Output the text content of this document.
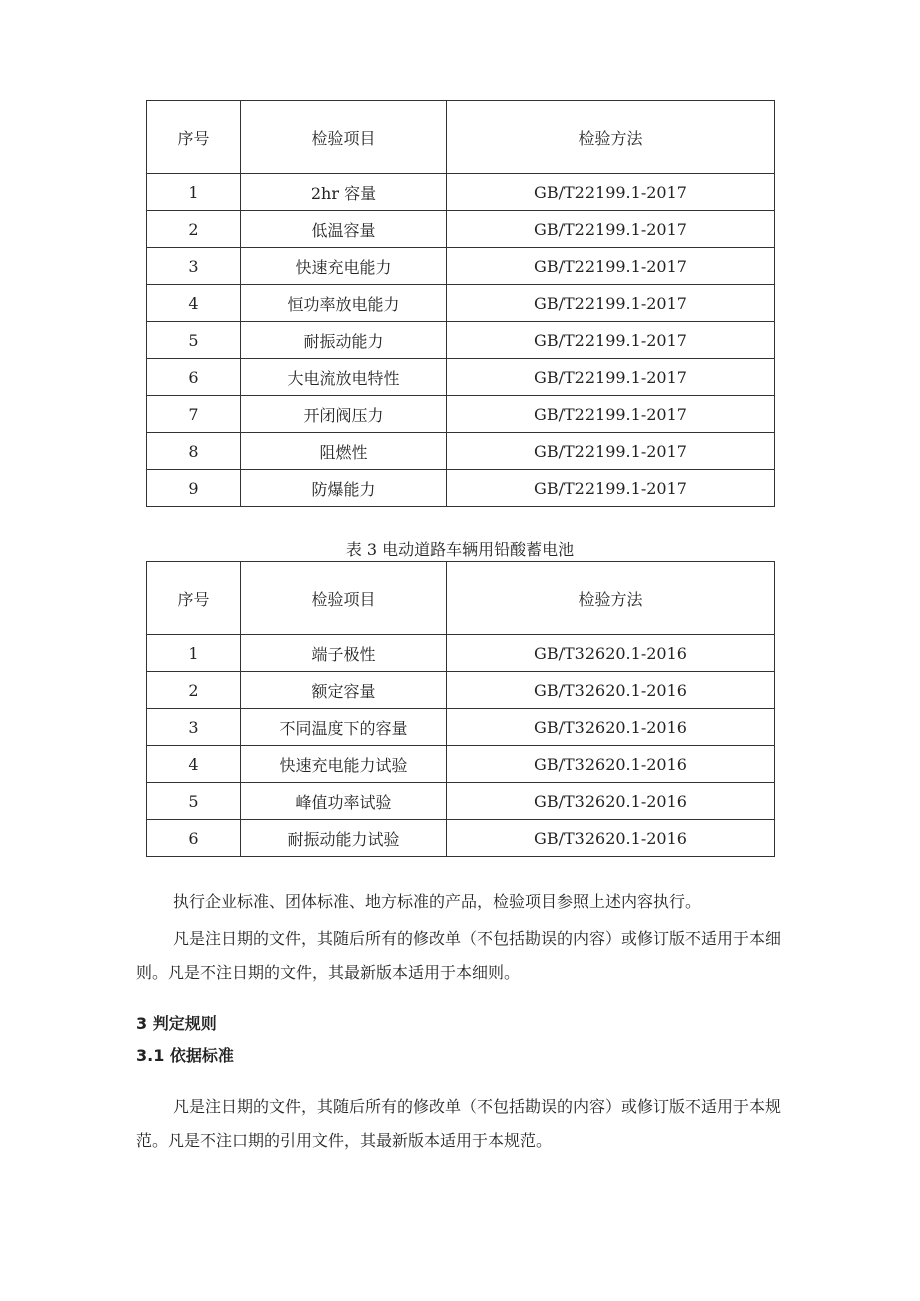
序号	检验项目	检验方法
1	2hr 容量	GB/T22199.1-2017
2	低温容量	GB/T22199.1-2017
3	快速充电能力	GB/T22199.1-2017
4	恒功率放电能力	GB/T22199.1-2017
5	耐振动能力	GB/T22199.1-2017
6	大电流放电特性	GB/T22199.1-2017
7	开闭阀压力	GB/T22199.1-2017
8	阻燃性	GB/T22199.1-2017
9	防爆能力	GB/T22199.1-2017
表 3 电动道路车辆用铅酸蓄电池
序号	检验项目	检验方法
1	端子极性	GB/T32620.1-2016
2	额定容量	GB/T32620.1-2016
3	不同温度下的容量	GB/T32620.1-2016
4	快速充电能力试验	GB/T32620.1-2016
5	峰值功率试验	GB/T32620.1-2016
6	耐振动能力试验	GB/T32620.1-2016

执行企业标准、团体标准、地方标准的产品，检验项目参照上述内容执行。

凡是注日期的文件，其随后所有的修改单（不包括勘误的内容）或修订版不适用于本细则。凡是不注日期的文件，其最新版本适用于本细则。

3 判定规则
3.1 依据标准

凡是注日期的文件，其随后所有的修改单（不包括勘误的内容）或修订版不适用于本规范。凡是不注口期的引用文件，其最新版本适用于本规范。
